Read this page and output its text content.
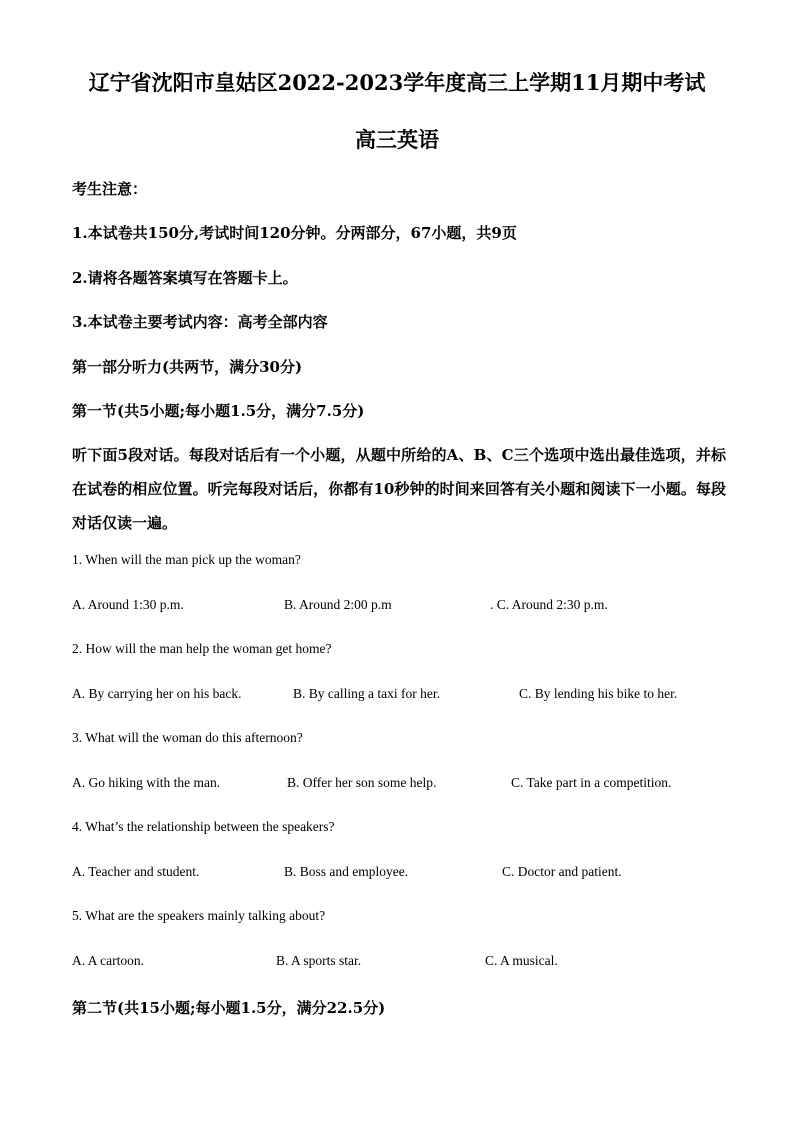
辽宁省沈阳市皇姑区2022-2023学年度高三上学期11月期中考试
高三英语
考生注意：
1.本试卷共150分,考试时间120分钟。分两部分，67小题，共9页
2.请将各题答案填写在答题卡上。
3.本试卷主要考试内容：高考全部内容
第一部分听力(共两节，满分30分)
第一节(共5小题;每小题1.5分，满分7.5分)
听下面5段对话。每段对话后有一个小题，从题中所给的A、B、C三个选项中选出最佳选项，并标在试卷的相应位置。听完每段对话后，你都有10秒钟的时间来回答有关小题和阅读下一小题。每段对话仅读一遍。
1. When will the man pick up the woman?
A. Around 1:30 p.m.	B. Around 2:00 p.m	. C. Around 2:30 p.m.
2. How will the man help the woman get home?
A. By carrying her on his back.	B. By calling a taxi for her.	C. By lending his bike to her.
3. What will the woman do this afternoon?
A. Go hiking with the man.	B. Offer her son some help.	C. Take part in a competition.
4. What’s the relationship between the speakers?
A. Teacher and student.	B. Boss and employee.	C. Doctor and patient.
5. What are the speakers mainly talking about?
A. A cartoon.	B. A sports star.	C. A musical.
第二节(共15小题;每小题1.5分，满分22.5分)
